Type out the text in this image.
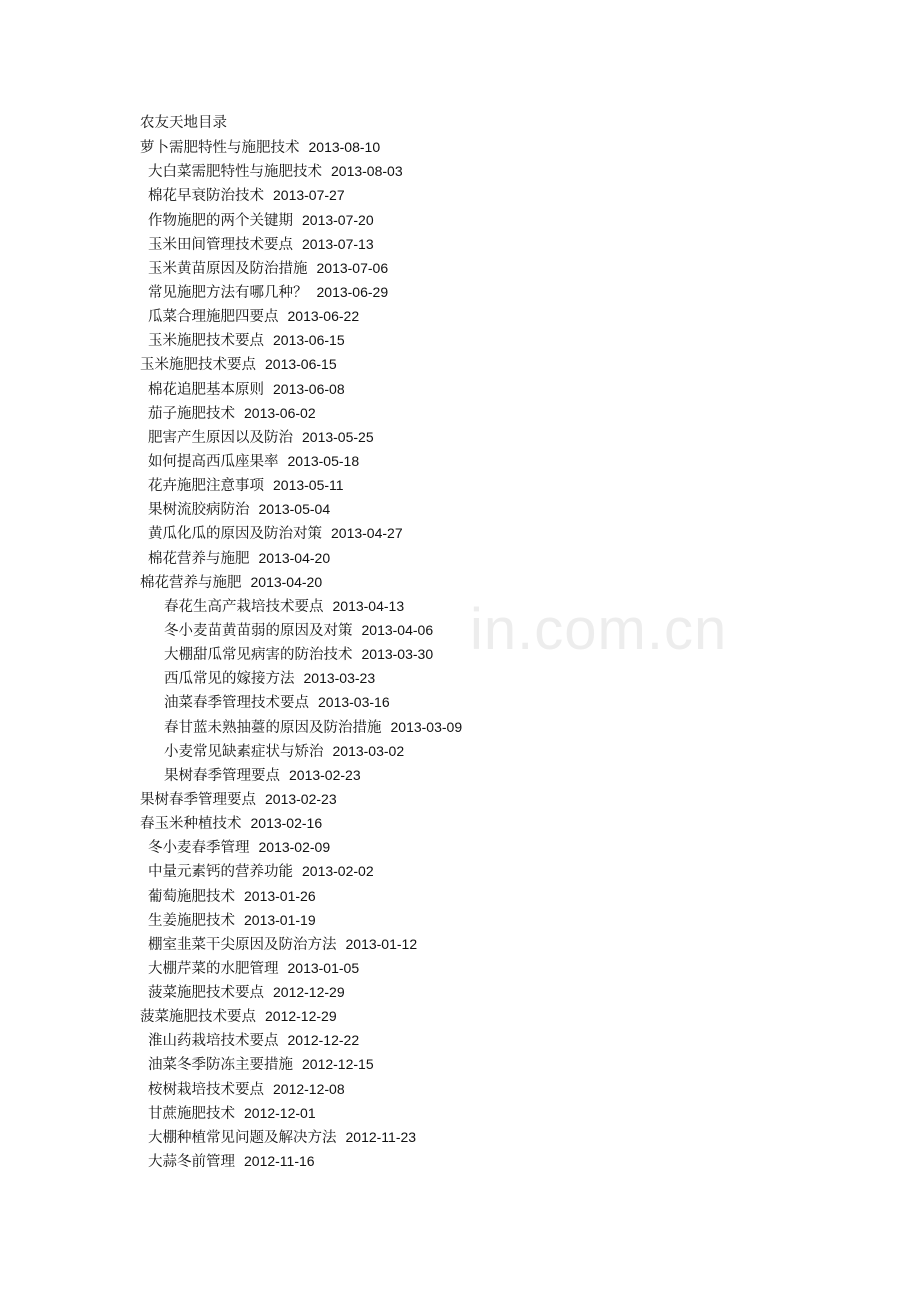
in.com.cn
农友天地目录
萝卜需肥特性与施肥技术 2013-08-10
大白菜需肥特性与施肥技术 2013-08-03
棉花早衰防治技术 2013-07-27
作物施肥的两个关键期 2013-07-20
玉米田间管理技术要点 2013-07-13
玉米黄苗原因及防治措施 2013-07-06
常见施肥方法有哪几种？ 2013-06-29
瓜菜合理施肥四要点 2013-06-22
玉米施肥技术要点 2013-06-15
玉米施肥技术要点 2013-06-15
棉花追肥基本原则 2013-06-08
茄子施肥技术 2013-06-02
肥害产生原因以及防治 2013-05-25
如何提高西瓜座果率 2013-05-18
花卉施肥注意事项 2013-05-11
果树流胶病防治 2013-05-04
黄瓜化瓜的原因及防治对策 2013-04-27
棉花营养与施肥 2013-04-20
棉花营养与施肥 2013-04-20
春花生高产栽培技术要点 2013-04-13
冬小麦苗黄苗弱的原因及对策 2013-04-06
大棚甜瓜常见病害的防治技术 2013-03-30
西瓜常见的嫁接方法 2013-03-23
油菜春季管理技术要点 2013-03-16
春甘蓝未熟抽薹的原因及防治措施 2013-03-09
小麦常见缺素症状与矫治 2013-03-02
果树春季管理要点 2013-02-23
果树春季管理要点 2013-02-23
春玉米种植技术 2013-02-16
冬小麦春季管理 2013-02-09
中量元素钙的营养功能 2013-02-02
葡萄施肥技术 2013-01-26
生姜施肥技术 2013-01-19
棚室韭菜干尖原因及防治方法 2013-01-12
大棚芹菜的水肥管理 2013-01-05
菠菜施肥技术要点 2012-12-29
菠菜施肥技术要点 2012-12-29
淮山药栽培技术要点 2012-12-22
油菜冬季防冻主要措施 2012-12-15
桉树栽培技术要点 2012-12-08
甘蔗施肥技术 2012-12-01
大棚种植常见问题及解决方法 2012-11-23
大蒜冬前管理 2012-11-16
